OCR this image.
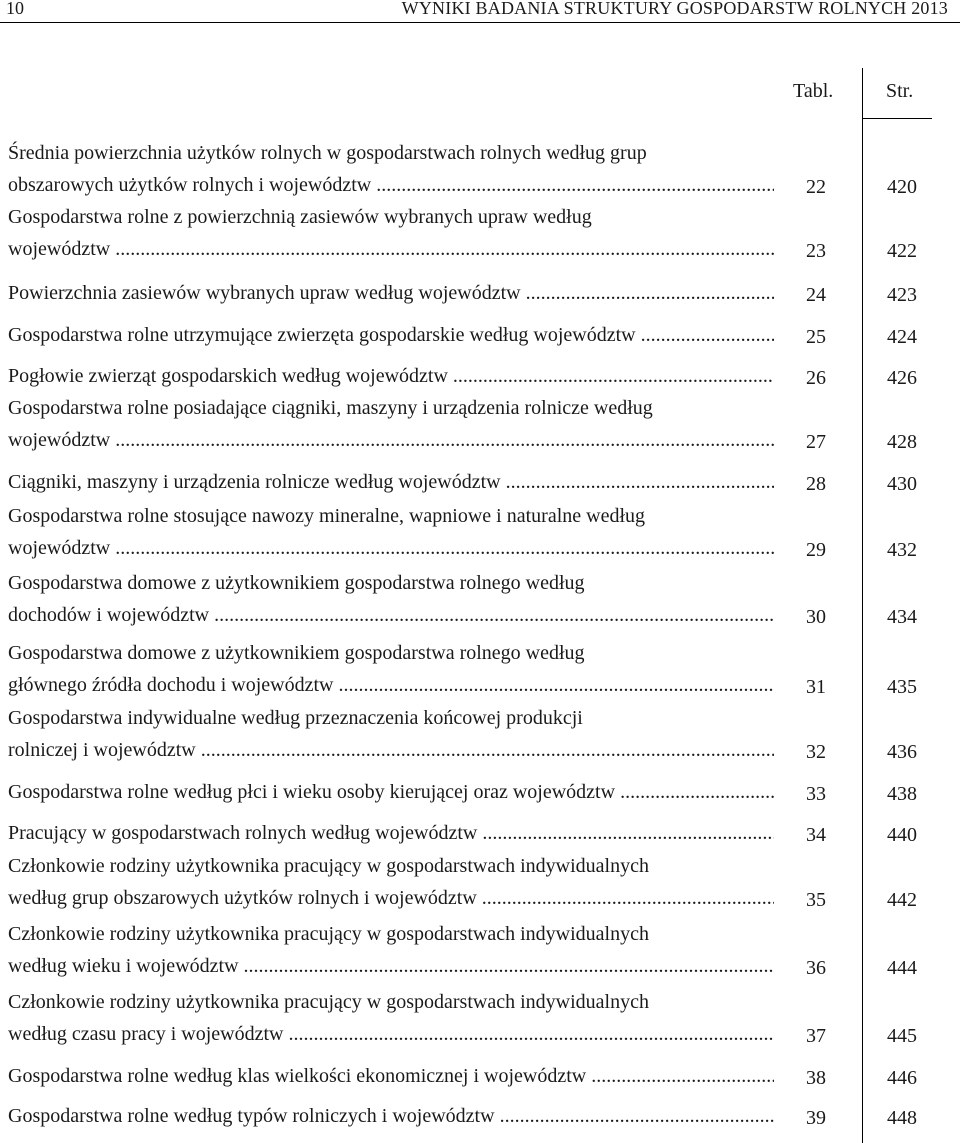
10	WYNIKI BADANIA STRUKTURY GOSPODARSTW ROLNYCH 2013
Tabl.	Str.
Średnia powierzchnia użytków rolnych w gospodarstwach rolnych według grup
obszarowych użytków rolnych i województw .....	22	420
Gospodarstwa rolne z powierzchnią zasiewów wybranych upraw według
województw .....	23	422
Powierzchnia zasiewów wybranych upraw według województw .....	24	423
Gospodarstwa rolne utrzymujące zwierzęta gospodarskie według województw .....	25	424
Pogłowie zwierząt gospodarskich według województw .....	26	426
Gospodarstwa rolne posiadające ciągniki, maszyny i urządzenia rolnicze według
województw .....	27	428
Ciągniki, maszyny i urządzenia rolnicze według województw .....	28	430
Gospodarstwa rolne stosujące nawozy mineralne, wapniowe i naturalne według
województw .....	29	432
Gospodarstwa domowe z użytkownikiem gospodarstwa rolnego według
dochodów i województw .....	30	434
Gospodarstwa domowe z użytkownikiem gospodarstwa rolnego według
głównego źródła dochodu i województw .....	31	435
Gospodarstwa indywidualne według przeznaczenia końcowej produkcji
rolniczej i województw .....	32	436
Gospodarstwa rolne według płci i wieku osoby kierującej oraz województw .....	33	438
Pracujący w gospodarstwach rolnych według województw .....	34	440
Członkowie rodziny użytkownika pracujący w gospodarstwach indywidualnych
według grup obszarowych użytków rolnych i województw .....	35	442
Członkowie rodziny użytkownika pracujący w gospodarstwach indywidualnych
według wieku i województw .....	36	444
Członkowie rodziny użytkownika pracujący w gospodarstwach indywidualnych
według czasu pracy i województw .....	37	445
Gospodarstwa rolne według klas wielkości ekonomicznej i województw .....	38	446
Gospodarstwa rolne według typów rolniczych i województw .....	39	448
